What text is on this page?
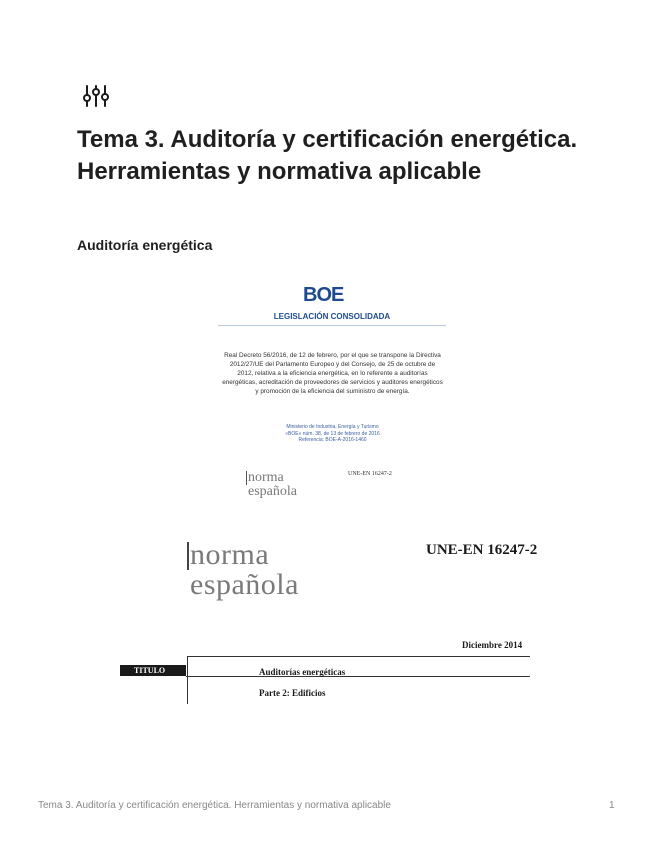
Tema 3. Auditoría y certificación energética. Herramientas y normativa aplicable
Auditoría energética
BOE
LEGISLACIÓN CONSOLIDADA
Real Decreto 56/2016, de 12 de febrero, por el que se transpone la Directiva 2012/27/UE del Parlamento Europeo y del Consejo, de 25 de octubre de 2012, relativa a la eficiencia energética, en lo referente a auditorías energéticas, acreditación de proveedores de servicios y auditores energéticos y promoción de la eficiencia del suministro de energía.
Ministerio de Industria, Energía y Turismo
«BOE» núm. 38, de 13 de febrero de 2016
Referencia: BOE-A-2016-1460
norma
española
UNE-EN 16247-2
norma
española
UNE-EN 16247-2
Diciembre 2014
TITULO	Auditorías energéticas
Parte 2: Edificios
Tema 3. Auditoría y certificación energética. Herramientas y normativa aplicable	1
